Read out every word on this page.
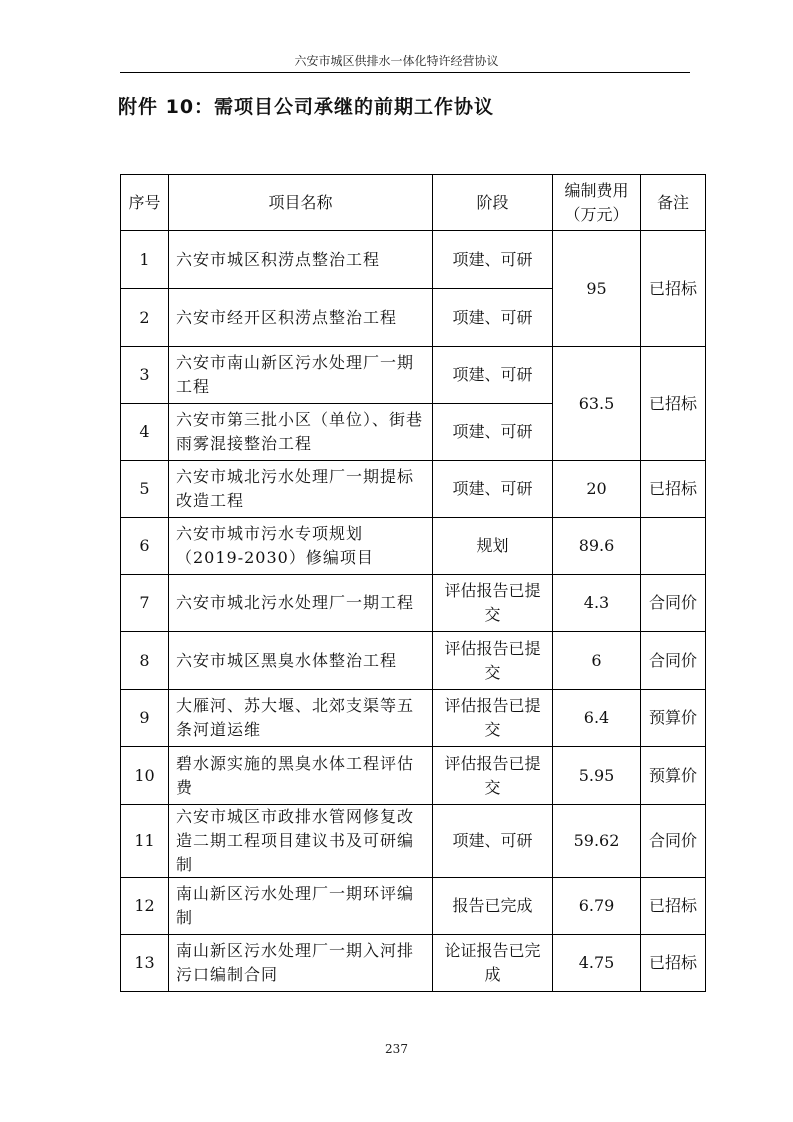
六安市城区供排水一体化特许经营协议
附件 10：需项目公司承继的前期工作协议
序号	项目名称	阶段	编制费用（万元）	备注
1	六安市城区积涝点整治工程	项建、可研	95	已招标
2	六安市经开区积涝点整治工程	项建、可研		
3	六安市南山新区污水处理厂一期工程	项建、可研	63.5	已招标
4	六安市第三批小区（单位）、街巷雨雾混接整治工程	项建、可研		
5	六安市城北污水处理厂一期提标改造工程	项建、可研	20	已招标
6	六安市城市污水专项规划（2019-2030）修编项目	规划	89.6	
7	六安市城北污水处理厂一期工程	评估报告已提交	4.3	合同价
8	六安市城区黑臭水体整治工程	评估报告已提交	6	合同价
9	大雁河、苏大堰、北郊支渠等五条河道运维	评估报告已提交	6.4	预算价
10	碧水源实施的黑臭水体工程评估费	评估报告已提交	5.95	预算价
11	六安市城区市政排水管网修复改造二期工程项目建议书及可研编制	项建、可研	59.62	合同价
12	南山新区污水处理厂一期环评编制	报告已完成	6.79	已招标
13	南山新区污水处理厂一期入河排污口编制合同	论证报告已完成	4.75	已招标
237
